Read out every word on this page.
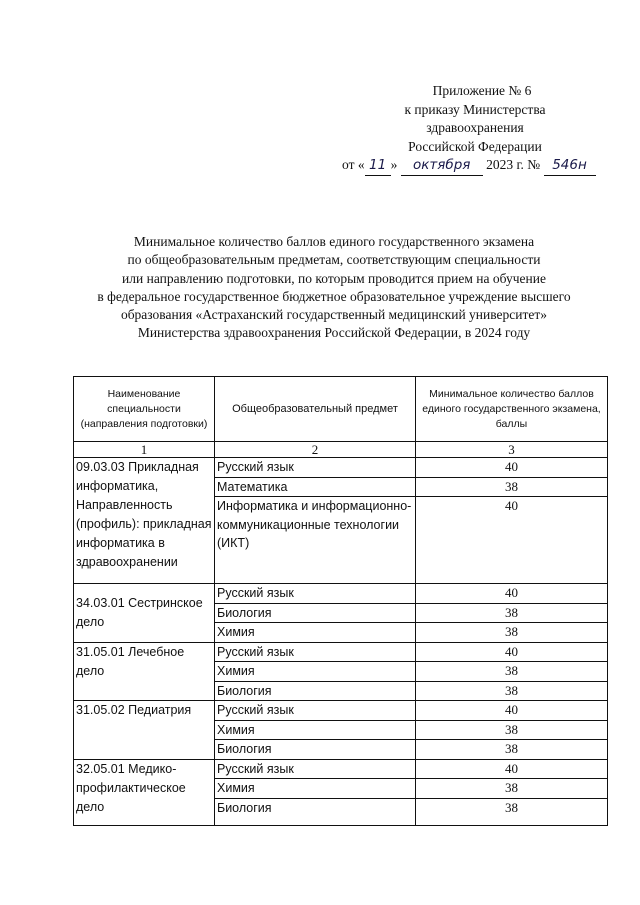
Приложение № 6
к приказу Министерства
здравоохранения
Российской Федерации
от « 11 » октября 2023 г. № 546н
Минимальное количество баллов единого государственного экзамена
по общеобразовательным предметам, соответствующим специальности
или направлению подготовки, по которым проводится прием на обучение
в федеральное государственное бюджетное образовательное учреждение высшего
образования «Астраханский государственный медицинский университет»
Министерства здравоохранения Российской Федерации, в 2024 году
Наименование специальности (направления подготовки)	Общеобразовательный предмет	Минимальное количество баллов единого государственного экзамена, баллы
1	2	3
09.03.03 Прикладная информатика, Направленность (профиль): прикладная информатика в здравоохранении	Русский язык	40
	Математика	38
	Информатика и информационно-коммуникационные технологии (ИКТ)	40
34.03.01 Сестринское дело	Русский язык	40
	Биология	38
	Химия	38
31.05.01 Лечебное дело	Русский язык	40
	Химия	38
	Биология	38
31.05.02 Педиатрия	Русский язык	40
	Химия	38
	Биология	38
32.05.01 Медико-профилактическое дело	Русский язык	40
	Химия	38
	Биология	38
